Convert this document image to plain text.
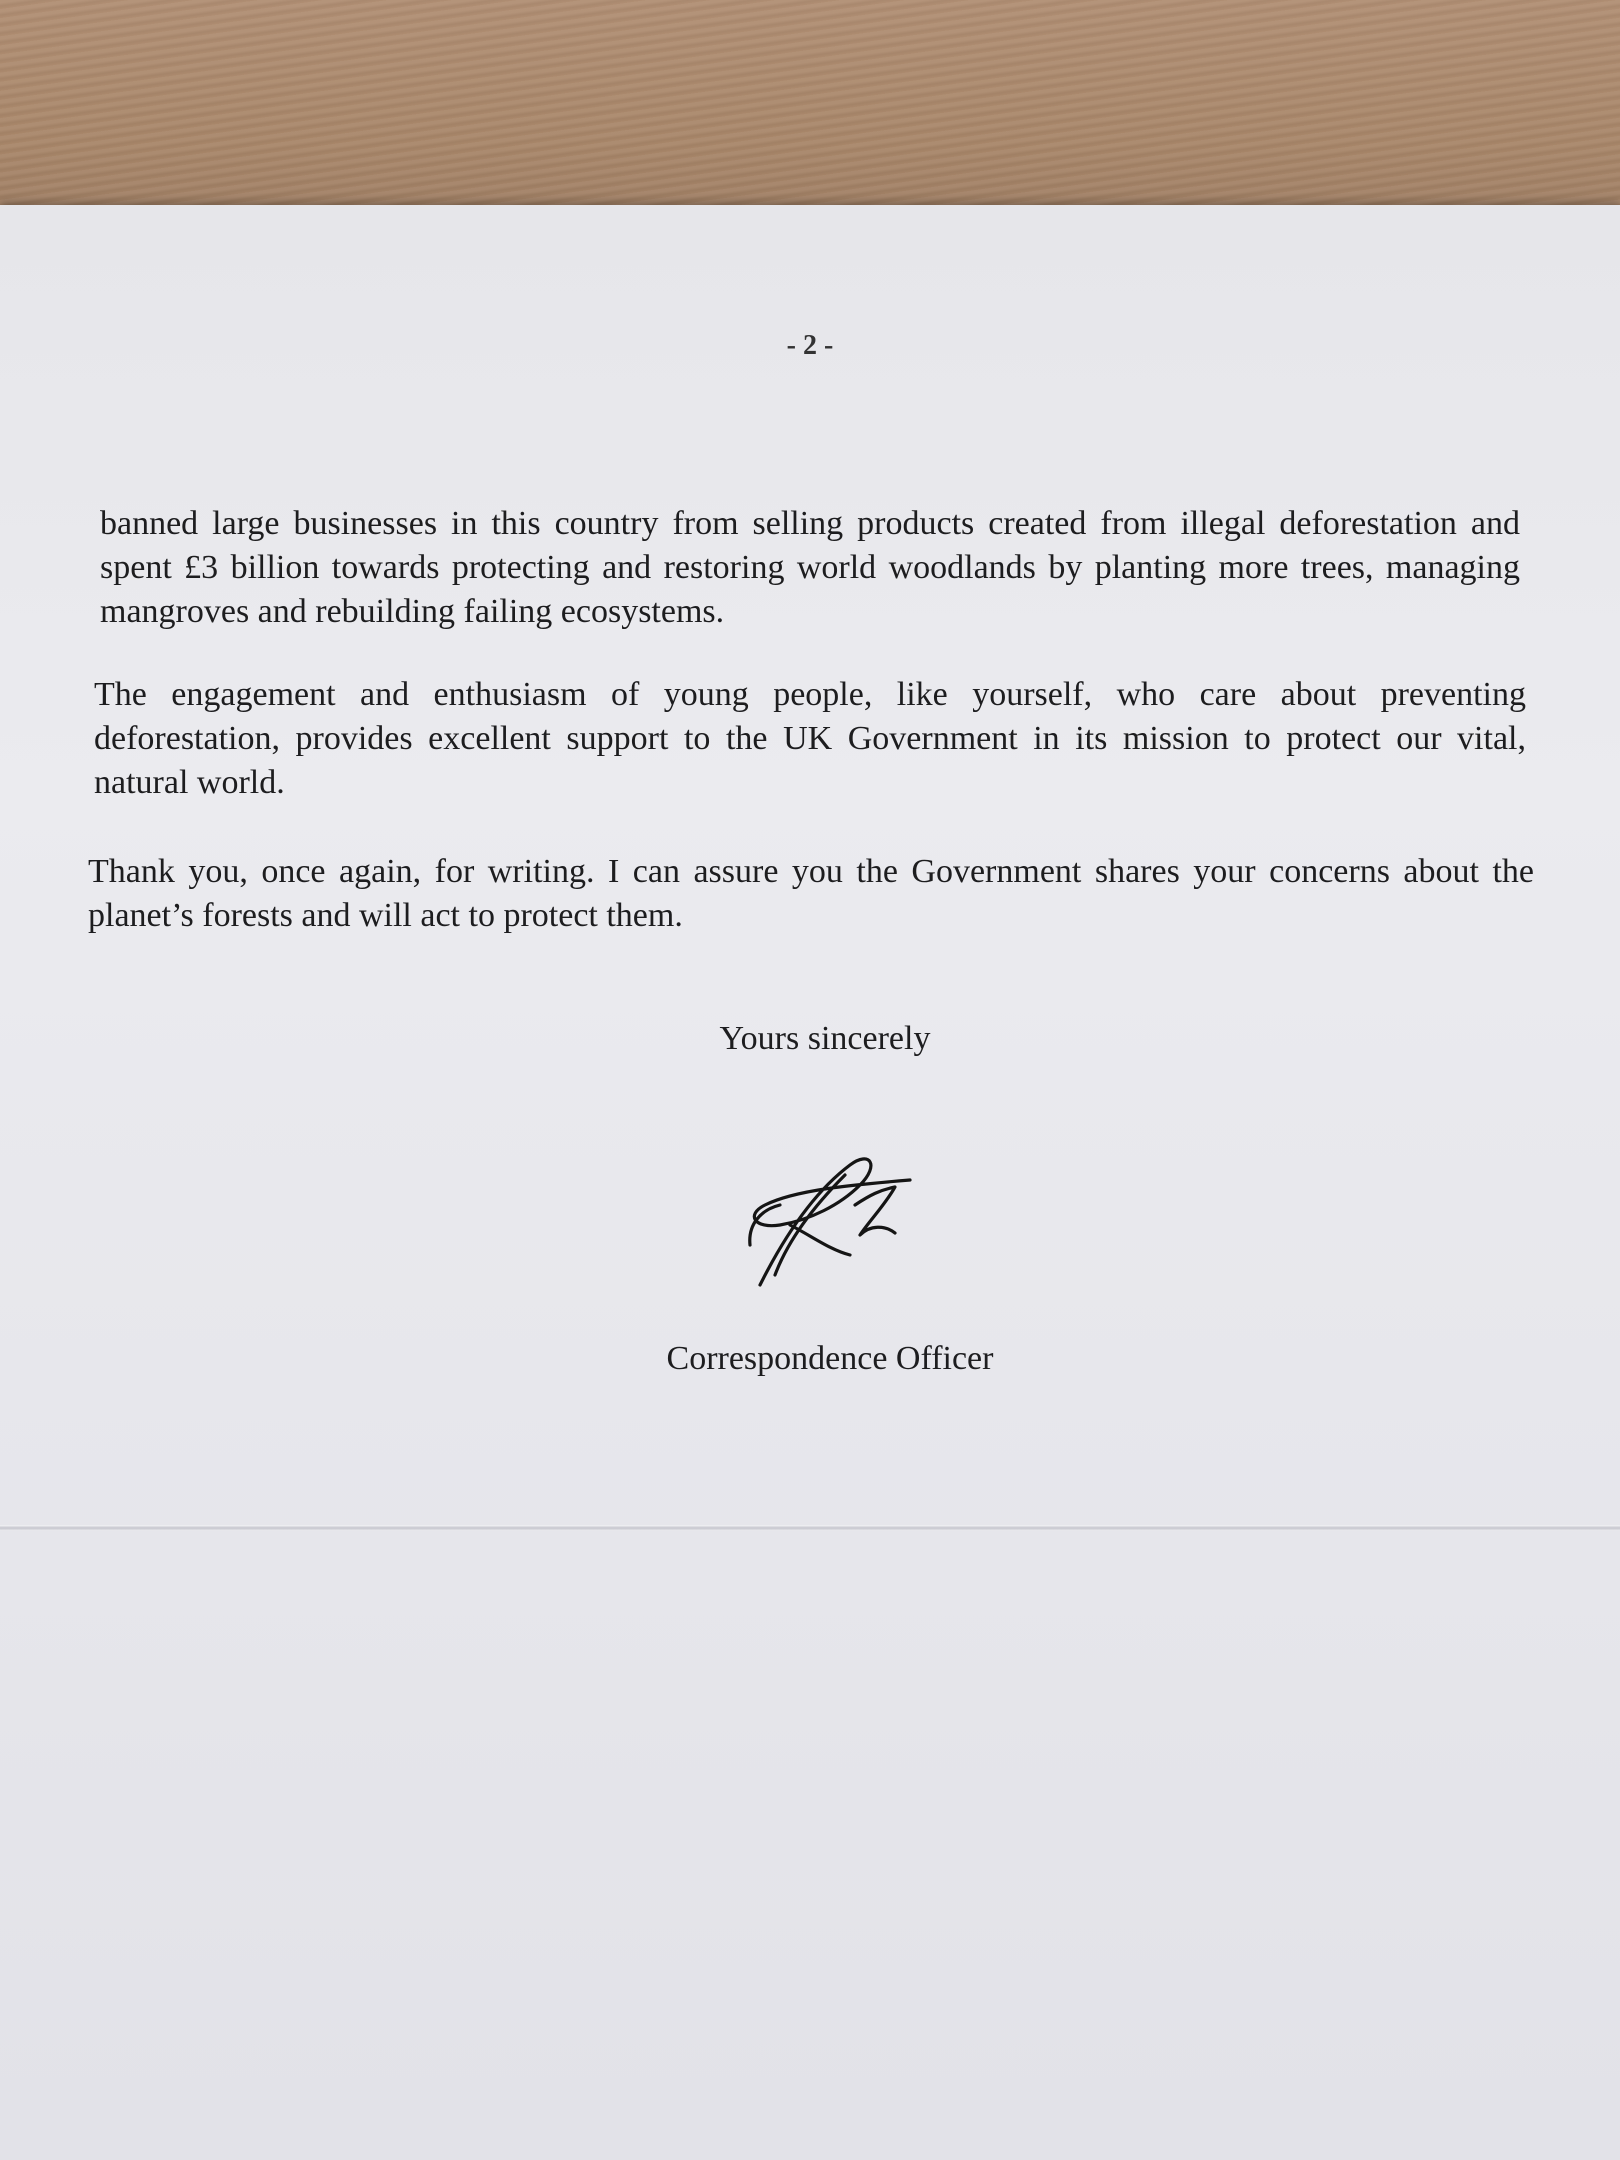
- 2 -

banned large businesses in this country from selling products created from illegal deforestation and spent £3 billion towards protecting and restoring world woodlands by planting more trees, managing mangroves and rebuilding failing ecosystems.

The engagement and enthusiasm of young people, like yourself, who care about preventing deforestation, provides excellent support to the UK Government in its mission to protect our vital, natural world.

Thank you, once again, for writing. I can assure you the Government shares your concerns about the planet’s forests and will act to protect them.

Yours sincerely
Correspondence Officer
